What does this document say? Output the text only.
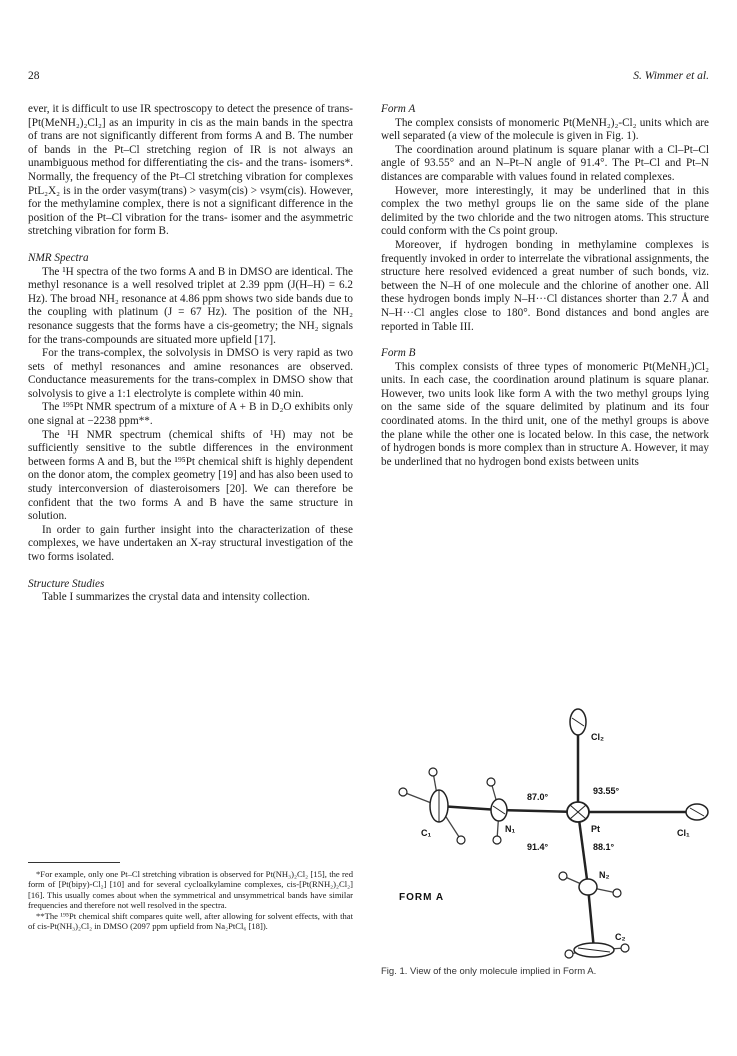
28	S. Wimmer et al.

ever, it is difficult to use IR spectroscopy to detect the presence of trans-[Pt(MeNH₂)₂Cl₂] as an impurity in cis as the main bands in the spectra of trans are not significantly different from forms A and B. The number of bands in the Pt–Cl stretching region of IR is not always an unambiguous method for differentiating the cis- and the trans- isomers*. Normally, the frequency of the Pt–Cl stretching vibration for complexes PtL₂X₂ is in the order νasym(trans) > νasym(cis) > νsym(cis). However, for the methylamine complex, there is not a significant difference in the position of the Pt–Cl vibration for the trans- isomer and the asymmetric stretching vibration for form B.

NMR Spectra

The ¹H spectra of the two forms A and B in DMSO are identical. The methyl resonance is a well resolved triplet at 2.39 ppm (J(H–H) = 6.2 Hz). The broad NH₂ resonance at 4.86 ppm shows two side bands due to the coupling with platinum (J = 67 Hz). The position of the NH₂ resonance suggests that the forms have a cis-geometry; the NH₂ signals for the trans-compounds are situated more upfield [17].

For the trans-complex, the solvolysis in DMSO is very rapid as two sets of methyl resonances and amine resonances are observed. Conductance measurements for the trans-complex in DMSO show that solvolysis to give a 1:1 electrolyte is complete within 40 min.

The ¹⁹⁵Pt NMR spectrum of a mixture of A + B in D₂O exhibits only one signal at −2238 ppm**.

The ¹H NMR spectrum (chemical shifts of ¹H) may not be sufficiently sensitive to the subtle differences in the environment between forms A and B, but the ¹⁹⁵Pt chemical shift is highly dependent on the donor atom, the complex geometry [19] and has also been used to study interconversion of diasteroisomers [20]. We can therefore be confident that the two forms A and B have the same structure in solution.

In order to gain further insight into the characterization of these complexes, we have undertaken an X-ray structural investigation of the two forms isolated.

Structure Studies

Table I summarizes the crystal data and intensity collection.

*For example, only one Pt–Cl stretching vibration is observed for Pt(NH₃)₂Cl₂ [15], the red form of [Pt(bipy)-Cl₂] [10] and for several cycloalkylamine complexes, cis-[Pt(RNH₂)₂Cl₂] [16]. This usually comes about when the symmetrical and unsymmetrical bands have similar frequencies and therefore not well resolved in the spectra.

**The ¹⁹⁵Pt chemical shift compares quite well, after allowing for solvent effects, with that of cis-Pt(NH₃)₂Cl₂ in DMSO (2097 ppm upfield from Na₂PtCl₆ [18]).

Form A

The complex consists of monomeric Pt(MeNH₂)₂-Cl₂ units which are well separated (a view of the molecule is given in Fig. 1).

The coordination around platinum is square planar with a Cl–Pt–Cl angle of 93.55° and an N–Pt–N angle of 91.4°. The Pt–Cl and Pt–N distances are comparable with values found in related complexes.

However, more interestingly, it may be underlined that in this complex the two methyl groups lie on the same side of the plane delimited by the two chloride and the two nitrogen atoms. This structure could conform with the Cs point group.

Moreover, if hydrogen bonding in methylamine complexes is frequently invoked in order to interrelate the vibrational assignments, the structure here resolved evidenced a great number of such bonds, viz. between the N–H of one molecule and the chlorine of another one. All these hydrogen bonds imply N–H···Cl distances shorter than 2.7 Å and N–H···Cl angles close to 180°. Bond distances and bond angles are reported in Table III.

Form B

This complex consists of three types of monomeric Pt(MeNH₂)Cl₂ units. In each case, the coordination around platinum is square planar. However, two units look like form A with the two methyl groups lying on the same side of the square delimited by platinum and its four coordinated atoms. In the third unit, one of the methyl groups is above the plane while the other one is located below. In this case, the network of hydrogen bonds is more complex than in structure A. However, it may be underlined that no hydrogen bond exists between units

Cl₂
Cl₁
Pt
N₁
N₂
C₁
C₂
87.0°
93.55°
91.4°	88.1°
FORM A
Fig. 1. View of the only molecule implied in Form A.
